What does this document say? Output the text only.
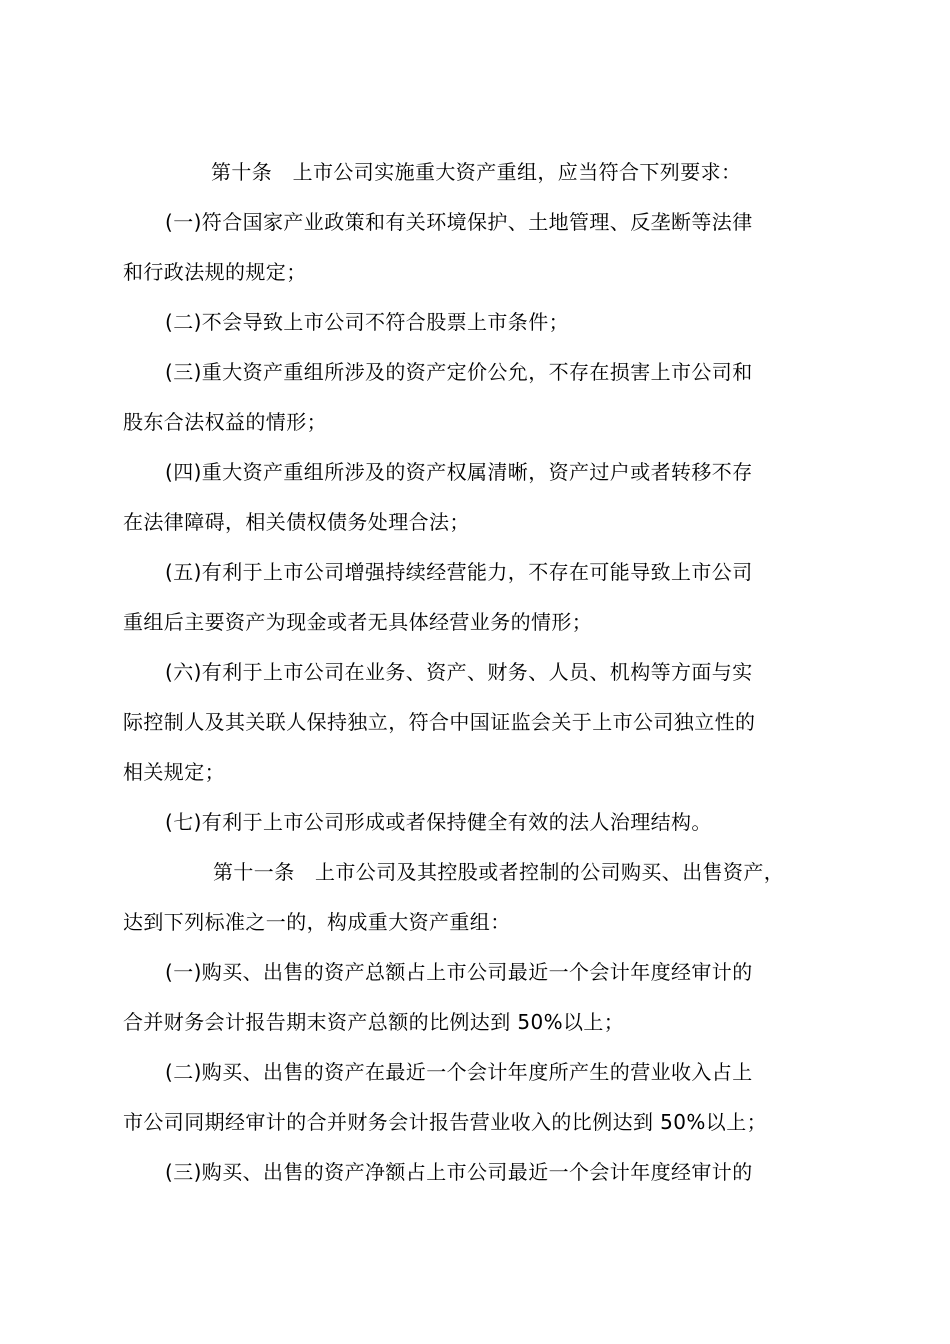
第十条　上市公司实施重大资产重组，应当符合下列要求：

(一)符合国家产业政策和有关环境保护、土地管理、反垄断等法律

和行政法规的规定；

(二)不会导致上市公司不符合股票上市条件；

(三)重大资产重组所涉及的资产定价公允，不存在损害上市公司和

股东合法权益的情形；

(四)重大资产重组所涉及的资产权属清晰，资产过户或者转移不存

在法律障碍，相关债权债务处理合法；

(五)有利于上市公司增强持续经营能力，不存在可能导致上市公司

重组后主要资产为现金或者无具体经营业务的情形；

(六)有利于上市公司在业务、资产、财务、人员、机构等方面与实

际控制人及其关联人保持独立，符合中国证监会关于上市公司独立性的

相关规定；

(七)有利于上市公司形成或者保持健全有效的法人治理结构。

第十一条　上市公司及其控股或者控制的公司购买、出售资产，

达到下列标准之一的，构成重大资产重组：

(一)购买、出售的资产总额占上市公司最近一个会计年度经审计的

合并财务会计报告期末资产总额的比例达到 50%以上；

(二)购买、出售的资产在最近一个会计年度所产生的营业收入占上

市公司同期经审计的合并财务会计报告营业收入的比例达到 50%以上；

(三)购买、出售的资产净额占上市公司最近一个会计年度经审计的
